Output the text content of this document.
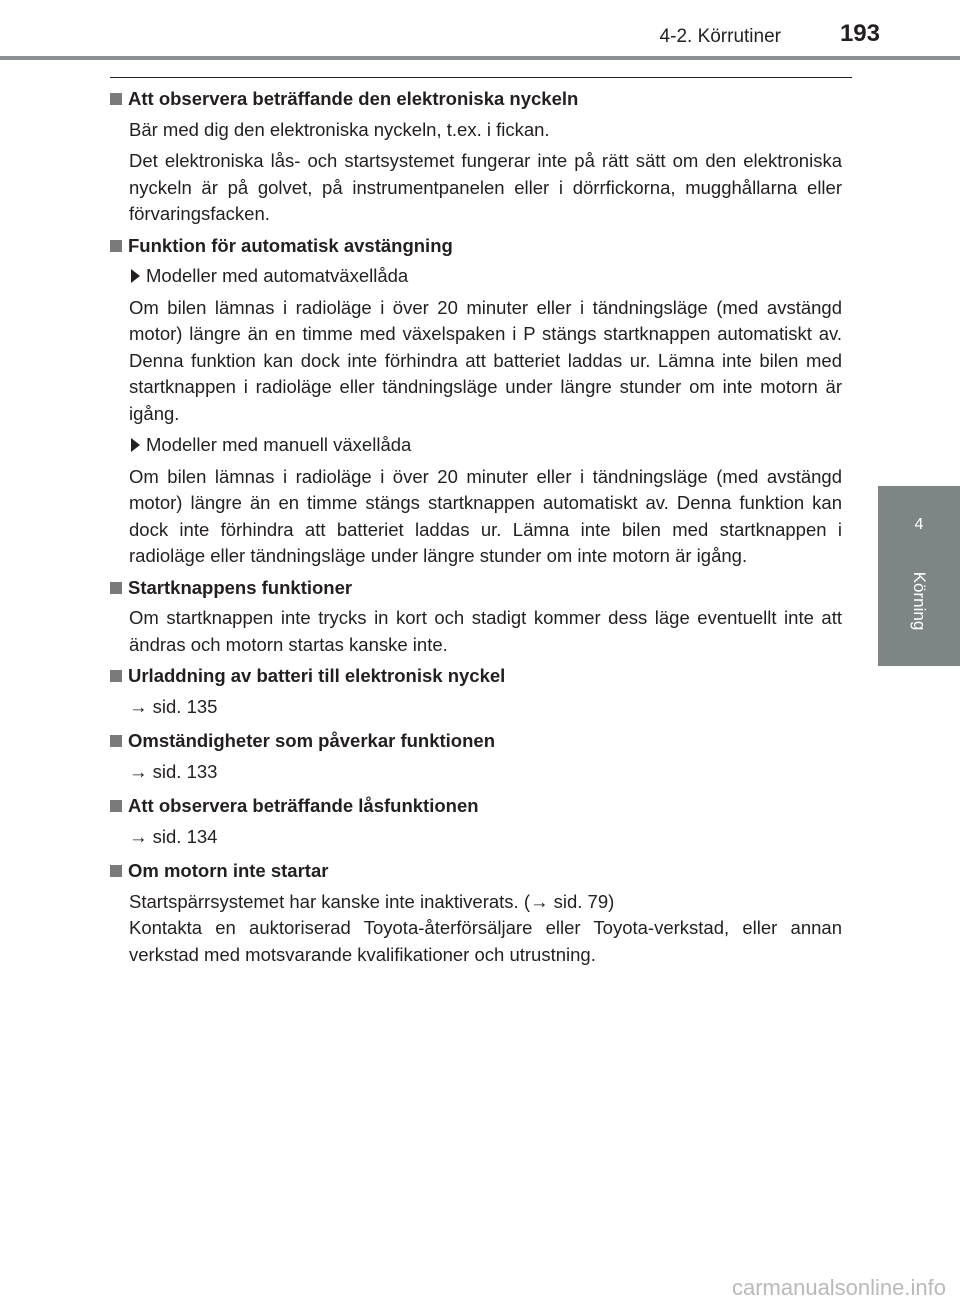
4-2. Körrutiner 193
4
Körning
Att observera beträffande den elektroniska nyckeln

Bär med dig den elektroniska nyckeln, t.ex. i fickan.

Det elektroniska lås- och startsystemet fungerar inte på rätt sätt om den elektroniska nyckeln är på golvet, på instrumentpanelen eller i dörrfickorna, mugghållarna eller förvaringsfacken.

Funktion för automatisk avstängning
Modeller med automatväxellåda

Om bilen lämnas i radioläge i över 20 minuter eller i tändningsläge (med avstängd motor) längre än en timme med växelspaken i P stängs startknappen automatiskt av. Denna funktion kan dock inte förhindra att batteriet laddas ur. Lämna inte bilen med startknappen i radioläge eller tändningsläge under längre stunder om inte motorn är igång.

Modeller med manuell växellåda

Om bilen lämnas i radioläge i över 20 minuter eller i tändningsläge (med avstängd motor) längre än en timme stängs startknappen automatiskt av. Denna funktion kan dock inte förhindra att batteriet laddas ur. Lämna inte bilen med startknappen i radioläge eller tändningsläge under längre stunder om inte motorn är igång.

Startknappens funktioner

Om startknappen inte trycks in kort och stadigt kommer dess läge eventuellt inte att ändras och motorn startas kanske inte.

Urladdning av batteri till elektronisk nyckel
→ sid. 135
Omständigheter som påverkar funktionen
→ sid. 133
Att observera beträffande låsfunktionen
→ sid. 134
Om motorn inte startar

Startspärrsystemet har kanske inte inaktiverats. (→ sid. 79)

Kontakta en auktoriserad Toyota-återförsäljare eller Toyota-verkstad, eller annan verkstad med motsvarande kvalifikationer och utrustning.

carmanualsonline.info
